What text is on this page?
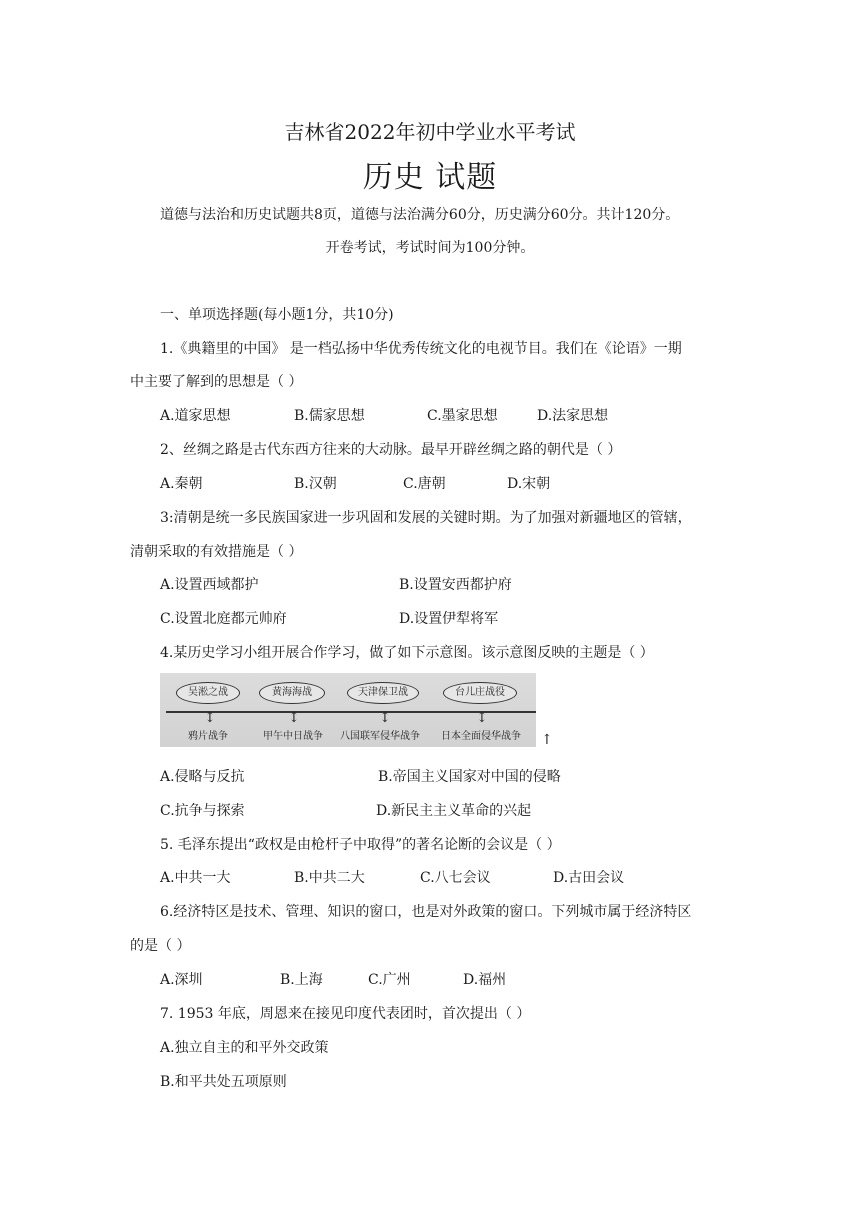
吉林省2022年初中学业水平考试
历史 试题
道德与法治和历史试题共8页，道德与法治满分60分，历史满分60分。共计120分。
开卷考试，考试时间为100分钟。
一、单项选择题(每小题1分，共10分)
1.《典籍里的中国》 是一档弘扬中华优秀传统文化的电视节目。我们在《论语》一期
中主要了解到的思想是（ ）
A.道家思想	B.儒家思想	C.墨家思想	D.法家思想
2、丝绸之路是古代东西方往来的大动脉。最早开辟丝绸之路的朝代是（ ）
A.秦朝	B.汉朝	C.唐朝	D.宋朝
3:清朝是统一多民族国家进一步巩固和发展的关键时期。为了加强对新疆地区的管辖，
清朝采取的有效措施是（ ）
A.设置西域都护	B.设置安西都护府
C.设置北庭都元帅府	D.设置伊犁将军
4.某历史学习小组开展合作学习，做了如下示意图。该示意图反映的主题是（ ）
吴淞之战	黄海海战	天津保卫战	台儿庄战役
↕	↕	↕	↕
鸦片战争	甲午中日战争 八国联军侵华战争 日本全面侵华战争 ↑
A.侵略与反抗	B.帝国主义国家对中国的侵略
C.抗争与探索	D.新民主主义革命的兴起
5. 毛泽东提出“政权是由枪杆子中取得”的著名论断的会议是（ ）
A.中共一大	B.中共二大	C.八七会议	D.古田会议
6.经济特区是技术、管理、知识的窗口，也是对外政策的窗口。下列城市属于经济特区
的是（ ）
A.深圳	B.上海	C.广州	D.福州
7. 1953 年底，周恩来在接见印度代表团时，首次提出（ ）
A.独立自主的和平外交政策
B.和平共处五项原则
